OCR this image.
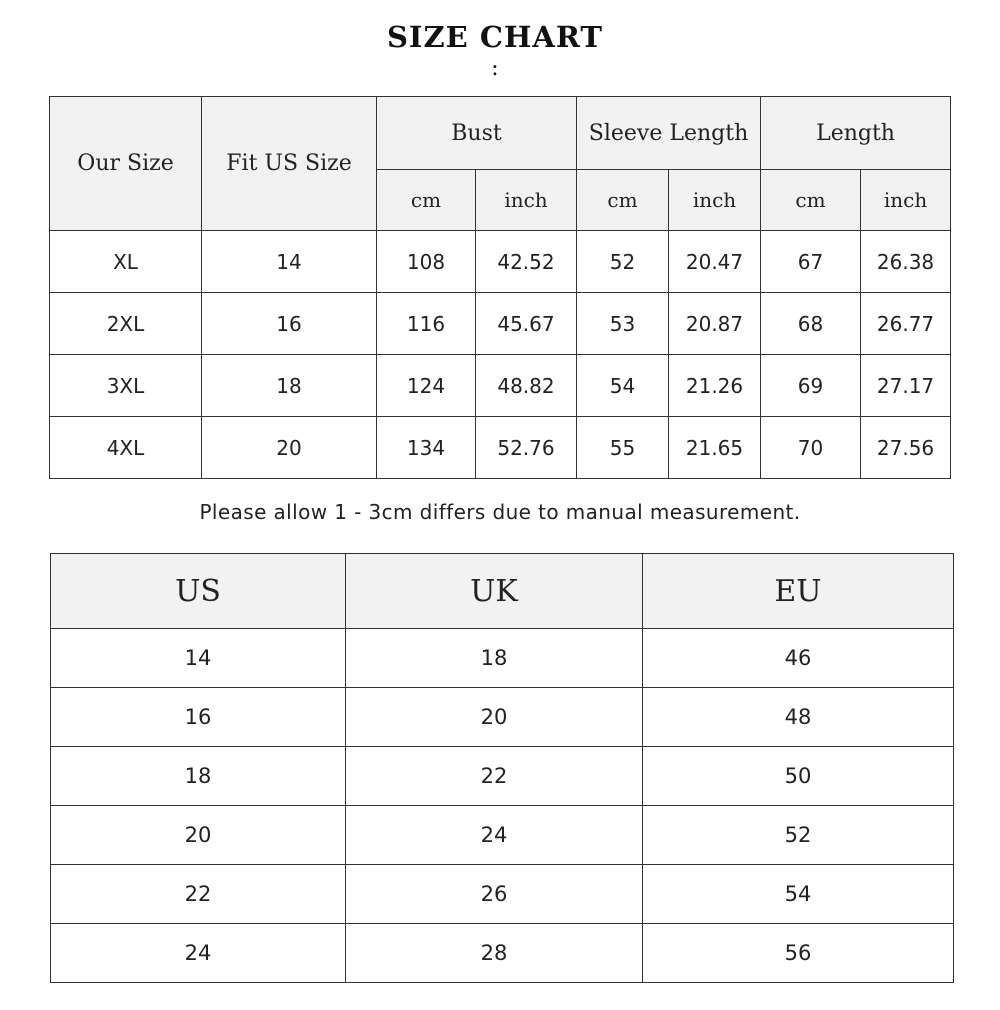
SIZE CHART
:
Our Size	Fit US Size	Bust		Sleeve Length		Length	
		cm	inch	cm	inch	cm	inch
XL	14	108	42.52	52	20.47	67	26.38
2XL	16	116	45.67	53	20.87	68	26.77
3XL	18	124	48.82	54	21.26	69	27.17
4XL	20	134	52.76	55	21.65	70	27.56
Please allow 1 - 3cm differs due to manual measurement.
US	UK	EU
14	18	46
16	20	48
18	22	50
20	24	52
22	26	54
24	28	56
